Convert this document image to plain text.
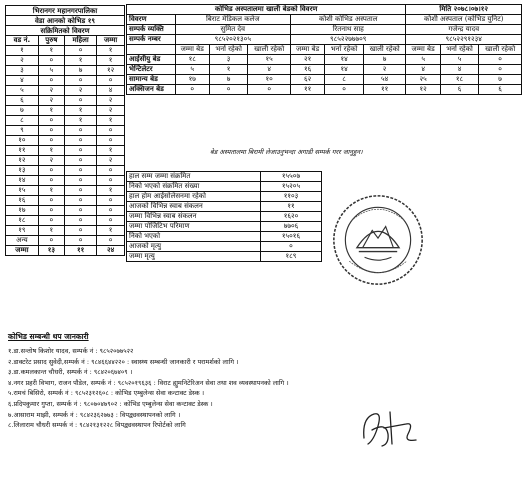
भिरानगर महानगरपालिका			
वेडा आनको कोभिड १९			
सक्रिमितको विवरण			
वड नं.	पुरुष	महिला	जम्मा
१	१	०	१
२	०	१	१
३	५	७	१२
४	०	०	०
५	२	२	४
६	२	०	२
७	१	१	२
८	०	१	१
९	०	०	०
१०	०	०	०
११	१	०	१
१२	२	०	२
१३	०	०	०
१४	०	०	०
१५	१	०	१
१६	०	०	०
१७	०	०	०
१८	०	०	०
१९	१	०	१
अन्य	०	०	०
जम्मा	१३	११	२४
कोभिड अस्पतालमा खाली बेडको विवरण							मिति २०७८।०७।१२		
विवरण	बिराट मेडिकल कलेज			कोशी कोभिड अस्पताल			कोशी अस्पताल (कोभिड युनिट)		
सम्पर्क व्यक्ति	सुमित देव			रितनाथ साह			गजेन्द्र यादव		
सम्पर्क नम्बर	९८५२०२१३०५			९८५२२७७७०९			९८५२२९१२३४		
	जम्मा बेड	भर्ना रहेको	खाली रहेको	जम्मा बेड	भर्ना रहेको	खाली रहेको	जम्मा बेड	भर्ना रहेको	खाली रहेको
आईसीयु बेड	१८	३	१५	२१	१४	७	५	५	०
भेन्टिलेटर	५	१	४	१६	१४	२	४	४	०
सामान्य बेड	१७	७	१०	६२	८	५४	२५	१८	७
अक्सिजन बेड	०	०	०	११	०	११	१२	६	६
बेड अस्पतालमा बिरामी लेजाउनुभन्दा अगाडी सम्पर्क गरर जानुहुन।
हाल सम्म जम्मा संक्रमित	१५५०७
निको भएको संक्रमित संख्या	१५२०५
हाल होम आईसोलेसनमा रहेको	११०३
आजको विभिन्न स्वाब संकलन	११
जम्मा विभिन्न स्वाब संकलन	१६२०
जम्मा पोजिटिभ परिमाण	७७०६
निको भएको	१५०१६
आजको मृत्यु	०
जम्मा मृत्यु	१८९
कोभिड सम्बन्धी थप जानकारी
१.डा.सन्तोष किशोर यादव, सम्पर्क नं : ९८५२०७७५२२
२.डाक्टरेट प्रसाद सुवेदी,सम्पर्क नं : ९८४६६४४२२० : स्वास्थ्य सम्बन्धी जानकारी र परामर्शको लागि ।
३.डा.कमलकान्त चौधरी, सम्पर्क नं : ९८४२०६७४०९ ।
४.नगर प्रहरी विभाग, राजन पौडेल, सम्पर्क नं : ९८५२०१९६३६ : विराट ह्युमनिटेरिअन सेवा तथा शव व्यवस्थापनको लागि ।
५.रामचं बिसिरो, सम्पर्क नं : ९८५२३१२६०८ : कोभिड एम्बुलेन्स सेवा कन्टाक्ट डेस्क ।
६.प्रदिपकुमार गुप्ता, सम्पर्क नं : ९८०७०४७९०२ : कोभिड एम्बुलेन्स सेवा कन्टाक्ट डेस्क ।
७.आसाराम माझी, सम्पर्क नं : ९८४२३६२७७३ : विपद्व्यवस्थापनको लागि ।
८.लिलाराम चौधरी सम्पर्क नं : ९८४२१३१२२८ विपद्व्यवस्थापन रिपोर्टको लागि
